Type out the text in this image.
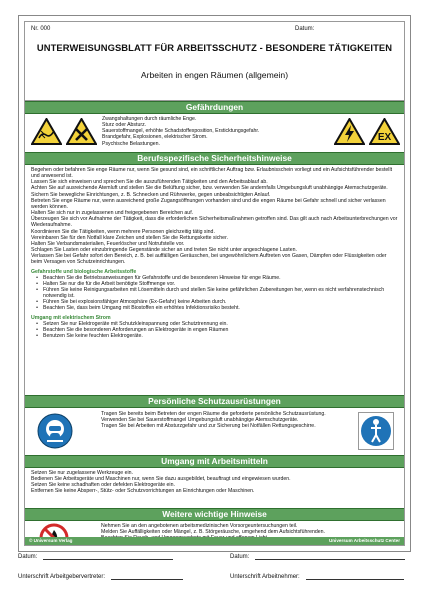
Nr. 000	Datum:
UNTERWEISUNGSBLATT FÜR ARBEITSSCHUTZ - BESONDERE TÄTIGKEITEN
Arbeiten in engen Räumen (allgemein)
Gefährdungen
Zwangshaltungen durch räumliche Enge.
Sturz oder Absturz.
Sauerstoffmangel, erhöhte Schadstoffexposition, Ersticktungsgefahr.
Brandgefahr, Explosionen, elektrischer Strom.
Psychische Belastungen.
EX
Berufsspezifische Sicherheitshinweise

Begehen oder befahren Sie enge Räume nur, wenn Sie gesund sind, ein schriftlicher Auftrag bzw. Erlaubnisschein vorliegt und ein Aufsichtsführender bestellt und anwesend ist.

Lassen Sie sich einweisen und sprechen Sie die auszuführenden Tätigkeiten und den Arbeitsablauf ab.

Achten Sie auf ausreichende Atemluft und stellen Sie die Belüftung sicher, bzw. verwenden Sie andernfalls Umgebungsluft unabhängige Atemschutzgeräte.

Sichern Sie bewegliche Einrichtungen, z. B. Schnecken und Rührwerke, gegen unbeabsichtigten Anlauf.

Betreten Sie enge Räume nur, wenn ausreichend große Zugangsöffnungen vorhanden sind und die engen Räume bei Gefahr schnell und sicher verlassen werden können.

Halten Sie sich nur in zugelassenen und freigegebenen Bereichen auf.

Überzeugen Sie sich vor Aufnahme der Tätigkeit, dass die erforderlichen Sicherheitsmaßnahmen getroffen sind. Das gilt auch nach Arbeitsunterbrechungen vor Wiederaufnahme.

Koordinieren Sie die Tätigkeiten, wenn mehrere Personen gleichzeitig tätig sind.

Vereinbaren Sie für den Notfall klare Zeichen und stellen Sie die Rettungskette sicher.

Halten Sie Verbandsmaterialien, Feuerlöscher und Notrufstelle vor.

Schlagen Sie Lasten oder einzubringende Gegenstände sicher an und treten Sie nicht unter angeschlagene Lasten.

Verlassen Sie bei Gefahr sofort den Bereich, z. B. bei auffälligen Geräuschen, bei ungewöhnlichem Auftreten von Gasen, Dämpfen oder Flüssigkeiten oder beim Versagen von Schutzeinrichtungen.

Gefahrstoffe und biologische Arbeitsstoffe
• Beachten Sie die Betriebsanweisungen für Gefahrstoffe und die besonderen Hinweise für enge Räume.
• Halten Sie nur die für die Arbeit benötigte Stoffmenge vor.
• Führen Sie keine Reinigungsarbeiten mit Lösemitteln durch und stellen Sie keine gefährlichen Zubereitungen her, wenn es nicht verfahrenstechnisch notwendig ist.
• Führen Sie bei explosionsfähiger Atmosphäre (Ex-Gefahr) keine Arbeiten durch.
• Beachten Sie, dass beim Umgang mit Biostoffen ein erhöhtes Infektionsrisiko besteht.
Umgang mit elektrischem Strom
• Setzen Sie nur Elektrogeräte mit Schutzkleinspannung oder Schutztrennung ein.
• Beachten Sie die besonderen Anforderungen an Elektrogeräte in engen Räumen
• Benutzen Sie keine feuchten Elektrogeräte.
Persönliche Schutzausrüstungen
Tragen Sie bereits beim Betreten der engen Räume die geforderte persönliche Schutzausrüstung.
Verwenden Sie bei Sauerstoffmangel Umgebungsluft unabhängige Atemschutzgeräte.
Tragen Sie bei Arbeiten mit Absturzgefahr und zur Sicherung bei Notfällen Rettungsgeschirre.
Umgang mit Arbeitsmitteln
Setzen Sie nur zugelassene Werkzeuge ein.
Bedienen Sie Arbeitsgeräte und Maschinen nur, wenn Sie dazu ausgebildet, beauftragt und eingewiesen wurden.
Setzen Sie keine schadhaften oder defekten Elektrogeräte ein.
Entfernen Sie keine Absperr-, Stütz- oder Schutzvorrichtungen an Einrichtungen oder Maschinen.
Weitere wichtige Hinweise
Nehmen Sie an den angebotenen arbeitsmedizinischen Vorsorgeuntersuchungen teil.
Melden Sie Auffälligkeiten oder Mängel, z. B. Störgeräusche, umgehend dem Aufsichtsführenden.
© Universum Verlag	Universum Arbeitsschutz Center
Datum:	Datum:
Unterschrift Arbeitgebervertreter:	Unterschrift Arbeitnehmer:
